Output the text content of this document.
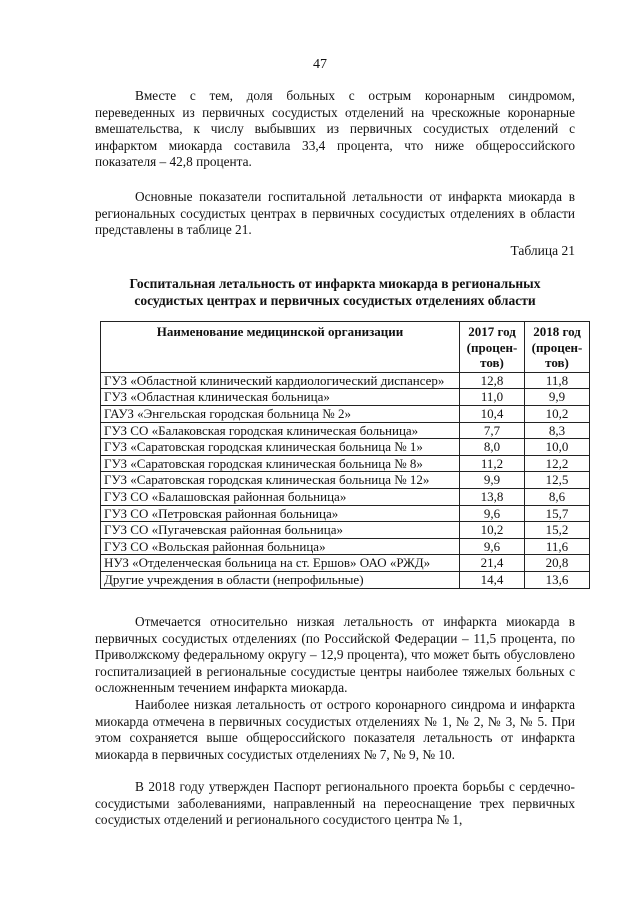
47

Вместе с тем, доля больных с острым коронарным синдромом, переведенных из первичных сосудистых отделений на чрескожные коронарные вмешательства, к числу выбывших из первичных сосудистых отделений с инфарктом миокарда составила 33,4 процента, что ниже общероссийского показателя – 42,8 процента.

Основные показатели госпитальной летальности от инфаркта миокарда в региональных сосудистых центрах в первичных сосудистых отделениях в области представлены в таблице 21.

Таблица 21
Госпитальная летальность от инфаркта миокарда в региональных сосудистых центрах и первичных сосудистых отделениях области
Наименование медицинской организации	2017 год (процен-тов)	2018 год (процен-тов)
ГУЗ «Областной клинический кардиологический диспансер»	12,8	11,8
ГУЗ «Областная клиническая больница»	11,0	9,9
ГАУЗ «Энгельская городская больница № 2»	10,4	10,2
ГУЗ СО «Балаковская городская клиническая больница»	7,7	8,3
ГУЗ «Саратовская городская клиническая больница № 1»	8,0	10,0
ГУЗ «Саратовская городская клиническая больница № 8»	11,2	12,2
ГУЗ «Саратовская городская клиническая больница № 12»	9,9	12,5
ГУЗ СО «Балашовская районная больница»	13,8	8,6
ГУЗ СО «Петровская районная больница»	9,6	15,7
ГУЗ СО «Пугачевская районная больница»	10,2	15,2
ГУЗ СО «Вольская районная больница»	9,6	11,6
НУЗ «Отделенческая больница на ст. Ершов» ОАО «РЖД»	21,4	20,8
Другие учреждения в области (непрофильные)	14,4	13,6

Отмечается относительно низкая летальность от инфаркта миокарда в первичных сосудистых отделениях (по Российской Федерации – 11,5 процента, по Приволжскому федеральному округу – 12,9 процента), что может быть обусловлено госпитализацией в региональные сосудистые центры наиболее тяжелых больных с осложненным течением инфаркта миокарда.

Наиболее низкая летальность от острого коронарного синдрома и инфаркта миокарда отмечена в первичных сосудистых отделениях № 1, № 2, № 3, № 5. При этом сохраняется выше общероссийского показателя летальность от инфаркта миокарда в первичных сосудистых отделениях № 7, № 9, № 10.

В 2018 году утвержден Паспорт регионального проекта борьбы с сердечно-сосудистыми заболеваниями, направленный на переоснащение трех первичных сосудистых отделений и регионального сосудистого центра № 1,
